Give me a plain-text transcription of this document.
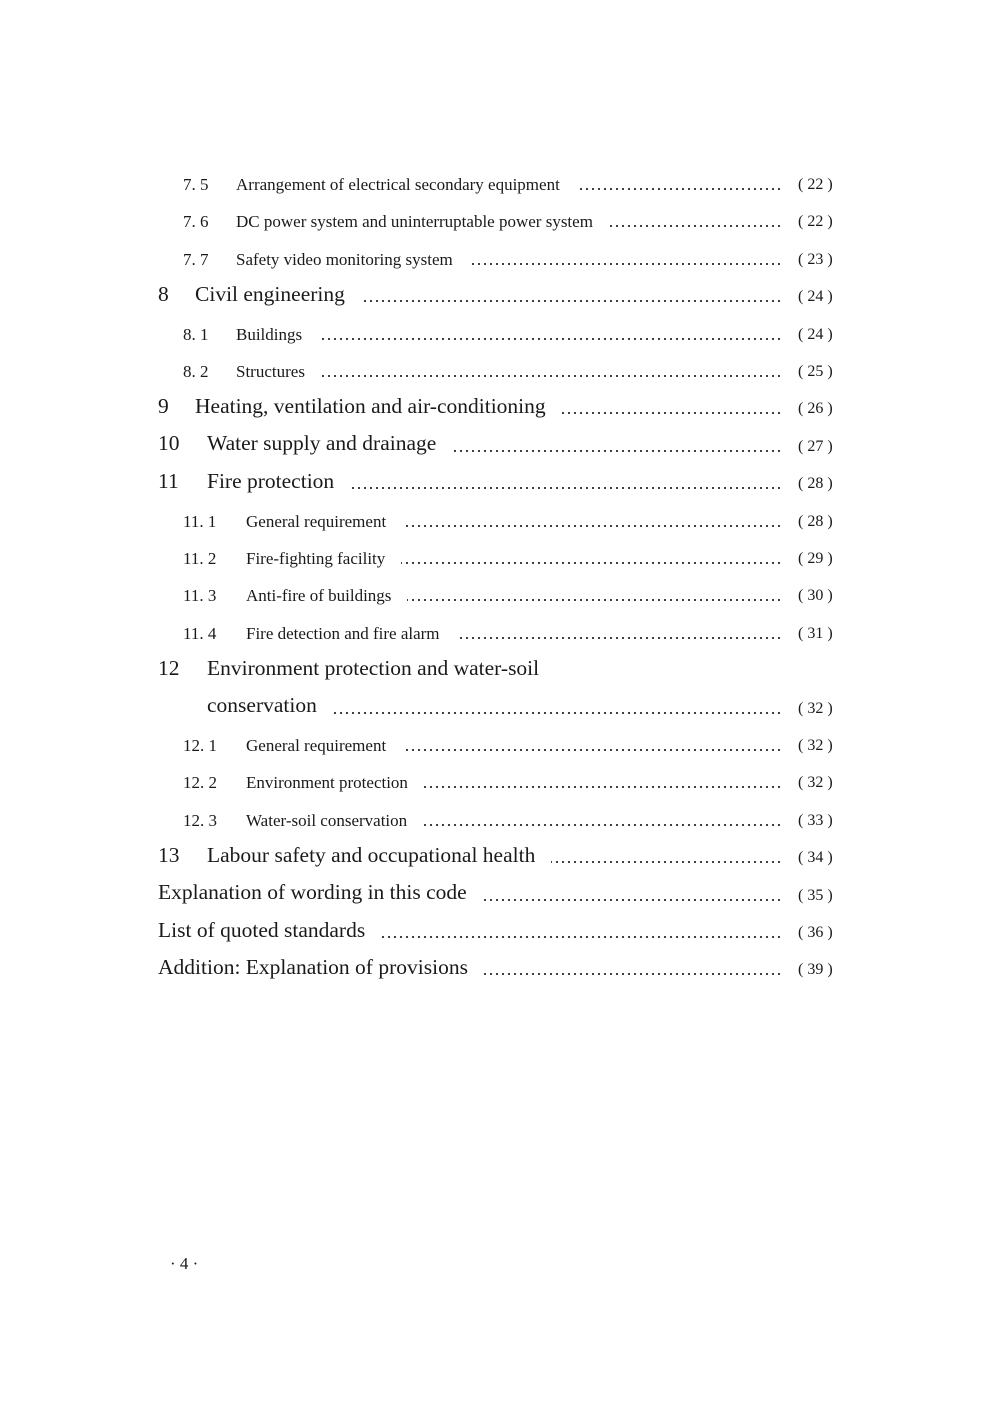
7. 5 Arrangement of electrical secondary equipment	( 22 )
7. 6 DC power system and uninterruptable power system	( 22 )
7. 7 Safety video monitoring system	( 23 )
8 Civil engineering	( 24 )
8. 1 Buildings	( 24 )
8. 2 Structures	( 25 )
9 Heating, ventilation and air-conditioning	( 26 )
10 Water supply and drainage	( 27 )
11 Fire protection	( 28 )
11. 1 General requirement	( 28 )
11. 2 Fire-fighting facility	( 29 )
11. 3 Anti-fire of buildings	( 30 )
11. 4 Fire detection and fire alarm	( 31 )
12 Environment protection and water-soil
conservation	( 32 )
12. 1 General requirement	( 32 )
12. 2 Environment protection	( 32 )
12. 3 Water-soil conservation	( 33 )
13 Labour safety and occupational health	( 34 )
Explanation of wording in this code	( 35 )
List of quoted standards	( 36 )
Addition: Explanation of provisions	( 39 )
· 4 ·
